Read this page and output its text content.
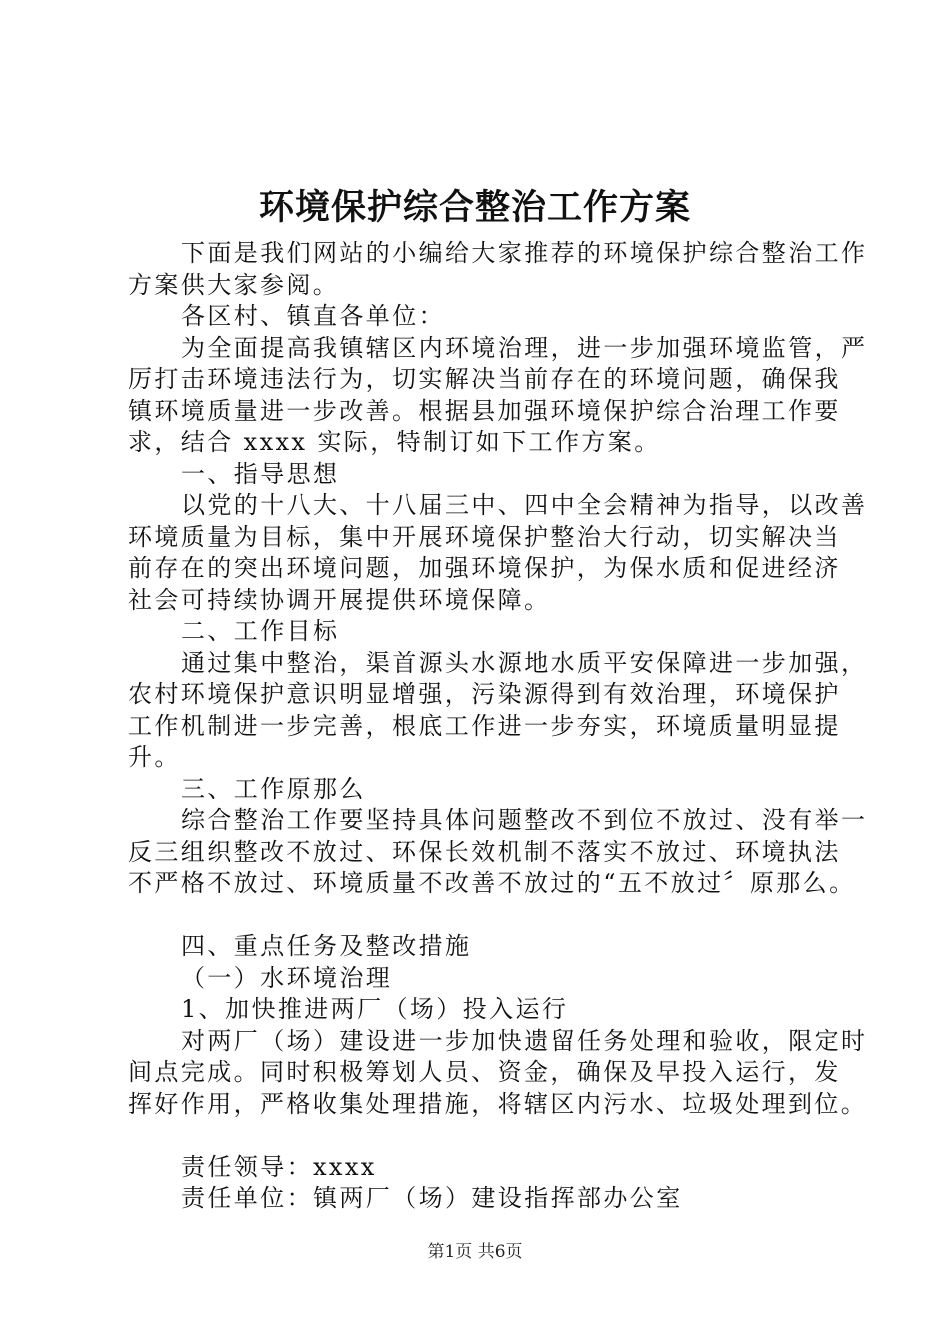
环境保护综合整治工作方案

下面是我们网站的小编给大家推荐的环境保护综合整治工作

方案供大家参阅。

各区村、镇直各单位：

为全面提高我镇辖区内环境治理，进一步加强环境监管，严

厉打击环境违法行为，切实解决当前存在的环境问题，确保我

镇环境质量进一步改善。根据县加强环境保护综合治理工作要

求，结合 xxxx 实际，特制订如下工作方案。

一、指导思想

以党的十八大、十八届三中、四中全会精神为指导，以改善

环境质量为目标，集中开展环境保护整治大行动，切实解决当

前存在的突出环境问题，加强环境保护，为保水质和促进经济

社会可持续协调开展提供环境保障。

二、工作目标

通过集中整治，渠首源头水源地水质平安保障进一步加强，

农村环境保护意识明显增强，污染源得到有效治理，环境保护

工作机制进一步完善，根底工作进一步夯实，环境质量明显提

升。

三、工作原那么

综合整治工作要坚持具体问题整改不到位不放过、没有举一

反三组织整改不放过、环保长效机制不落实不放过、环境执法

不严格不放过、环境质量不改善不放过的“五不放过〞原那么。

四、重点任务及整改措施

（一）水环境治理

1、加快推进两厂（场）投入运行

对两厂（场）建设进一步加快遗留任务处理和验收，限定时

间点完成。同时积极筹划人员、资金，确保及早投入运行，发

挥好作用，严格收集处理措施，将辖区内污水、垃圾处理到位。

责任领导：xxxx

责任单位：镇两厂（场）建设指挥部办公室

第1页 共6页
